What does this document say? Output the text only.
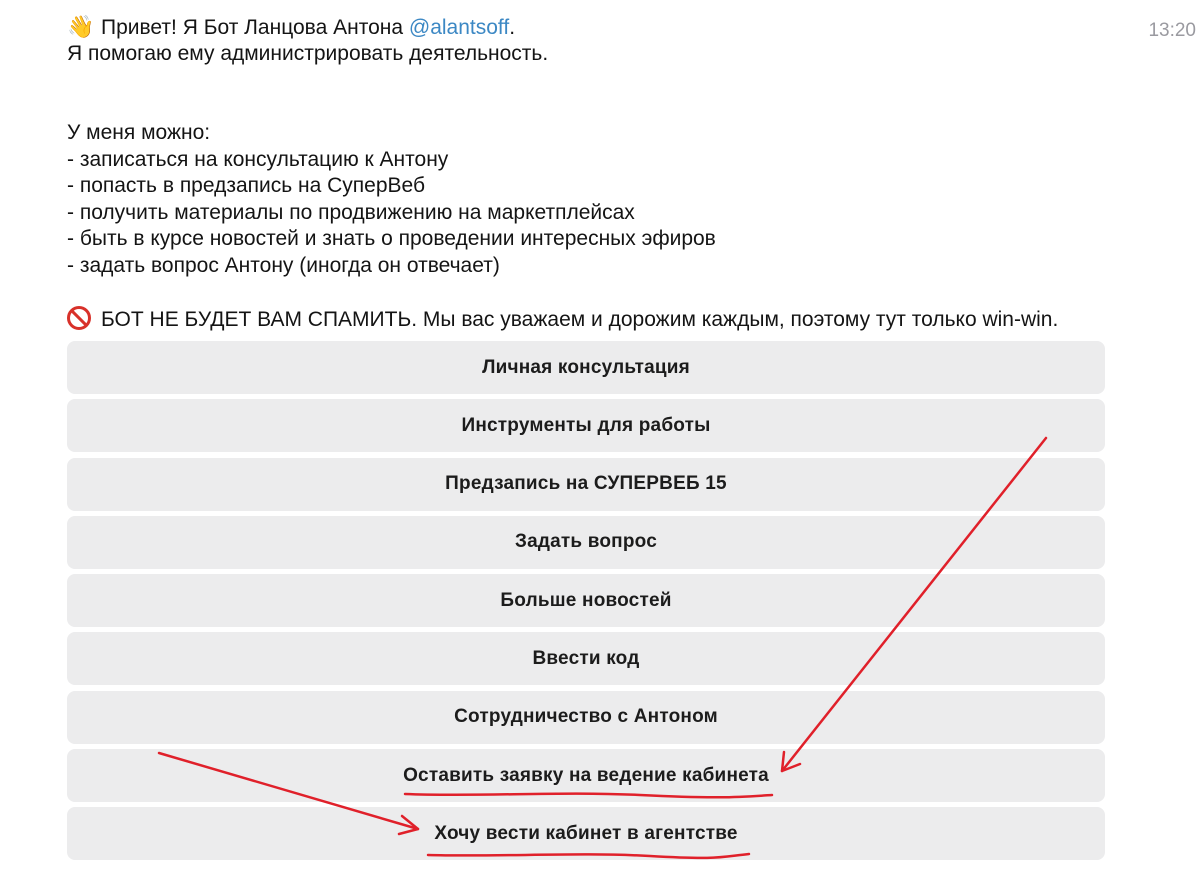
👋 Привет! Я Бот Ланцова Антона @alantsoff.
Я помогаю ему администрировать деятельность.
У меня можно:
- записаться на консультацию к Антону
- попасть в предзапись на СуперВеб
- получить материалы по продвижению на маркетплейсах
- быть в курсе новостей и знать о проведении интересных эфиров
- задать вопрос Антону (иногда он отвечает)
БОТ НЕ БУДЕТ ВАМ СПАМИТЬ. Мы вас уважаем и дорожим каждым, поэтому тут только win-win.
13:20
Личная консультация
Инструменты для работы
Предзапись на СУПЕРВЕБ 15
Задать вопрос
Больше новостей
Ввести код
Сотрудничество с Антоном
Оставить заявку на ведение кабинета
Хочу вести кабинет в агентстве
